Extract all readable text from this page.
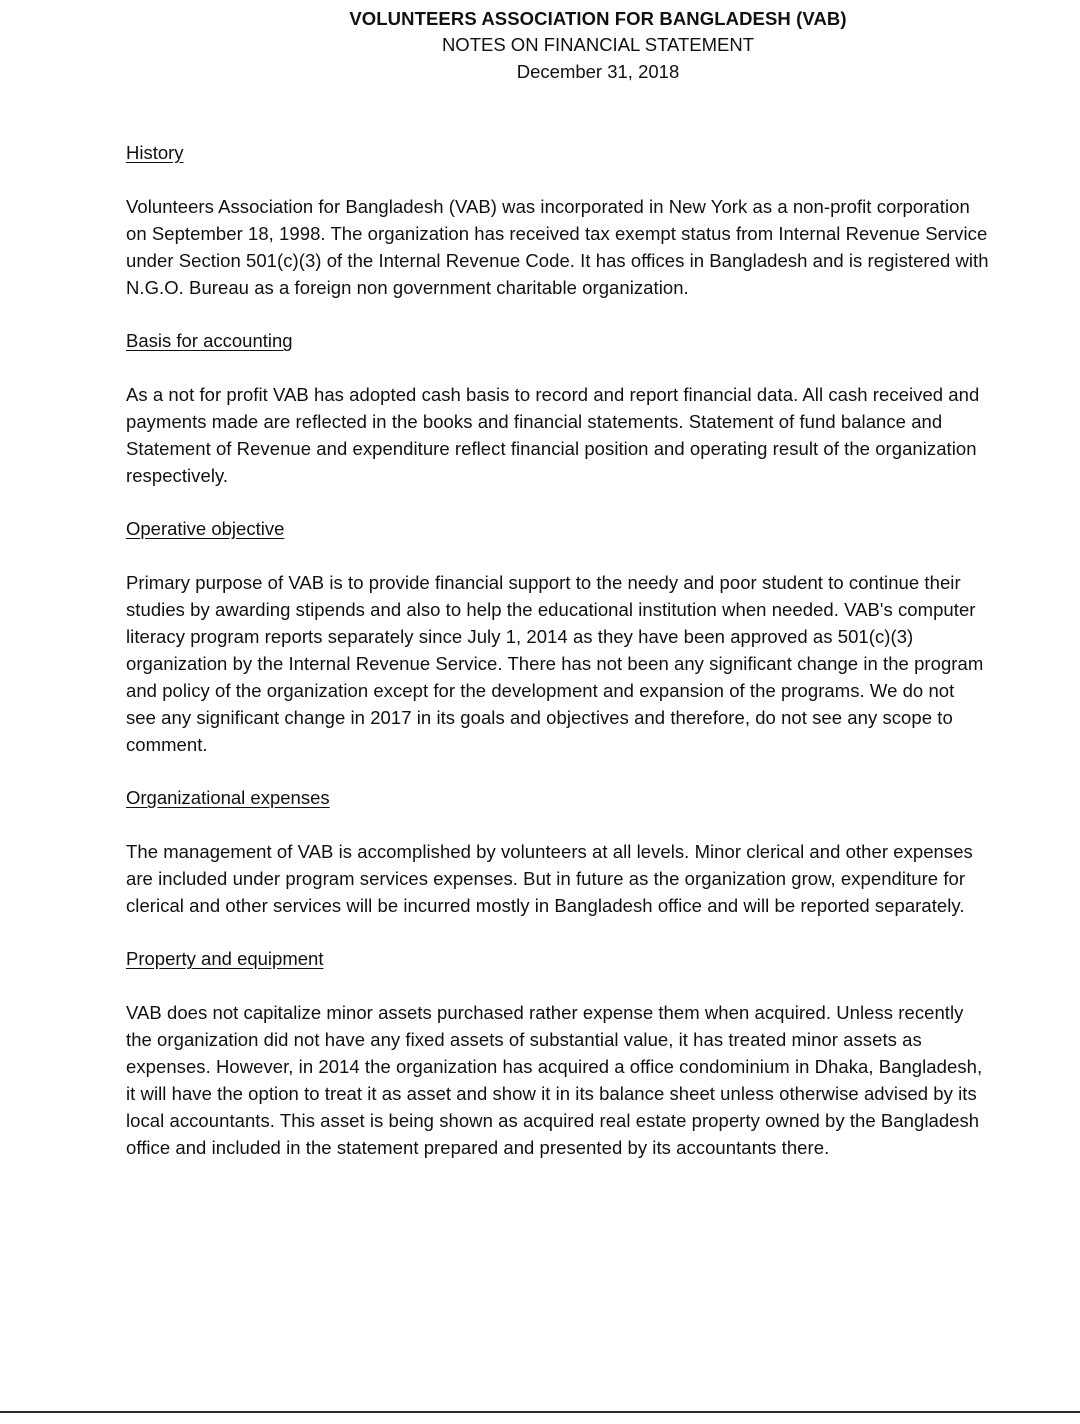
VOLUNTEERS ASSOCIATION FOR BANGLADESH (VAB)
NOTES ON FINANCIAL STATEMENT
December 31, 2018
History
Volunteers Association for Bangladesh (VAB) was incorporated in New York as a non-profit corporation
on September 18, 1998. The organization has received tax exempt status from Internal Revenue Service
under Section 501(c)(3) of the Internal Revenue Code. It has offices in Bangladesh and is registered with
N.G.O. Bureau as a foreign non government charitable organization.
Basis for accounting
As a not for profit VAB has adopted cash basis to record and report financial data. All cash received and
payments made are reflected in the books and financial statements. Statement of fund balance and
Statement of Revenue and expenditure reflect financial position and operating result of the organization
respectively.
Operative objective
Primary purpose of VAB is to provide financial support to the needy and poor student to continue their
studies by awarding stipends and also to help the educational institution when needed. VAB's computer
literacy program reports separately since July 1, 2014 as they have been approved as 501(c)(3)
organization by the Internal Revenue Service. There has not been any significant change in the program
and policy of the organization except for the development and expansion of the programs. We do not
see any significant change in 2017 in its goals and objectives and therefore, do not see any scope to
comment.
Organizational expenses
The management of VAB is accomplished by volunteers at all levels. Minor clerical and other expenses
are included under program services expenses. But in future as the organization grow, expenditure for
clerical and other services will be incurred mostly in Bangladesh office and will be reported separately.
Property and equipment
VAB does not capitalize minor assets purchased rather expense them when acquired. Unless recently
the organization did not have any fixed assets of substantial value, it has treated minor assets as
expenses. However, in 2014 the organization has acquired a office condominium in Dhaka, Bangladesh,
it will have the option to treat it as asset and show it in its balance sheet unless otherwise advised by its
local accountants. This asset is being shown as acquired real estate property owned by the Bangladesh
office and included in the statement prepared and presented by its accountants there.
